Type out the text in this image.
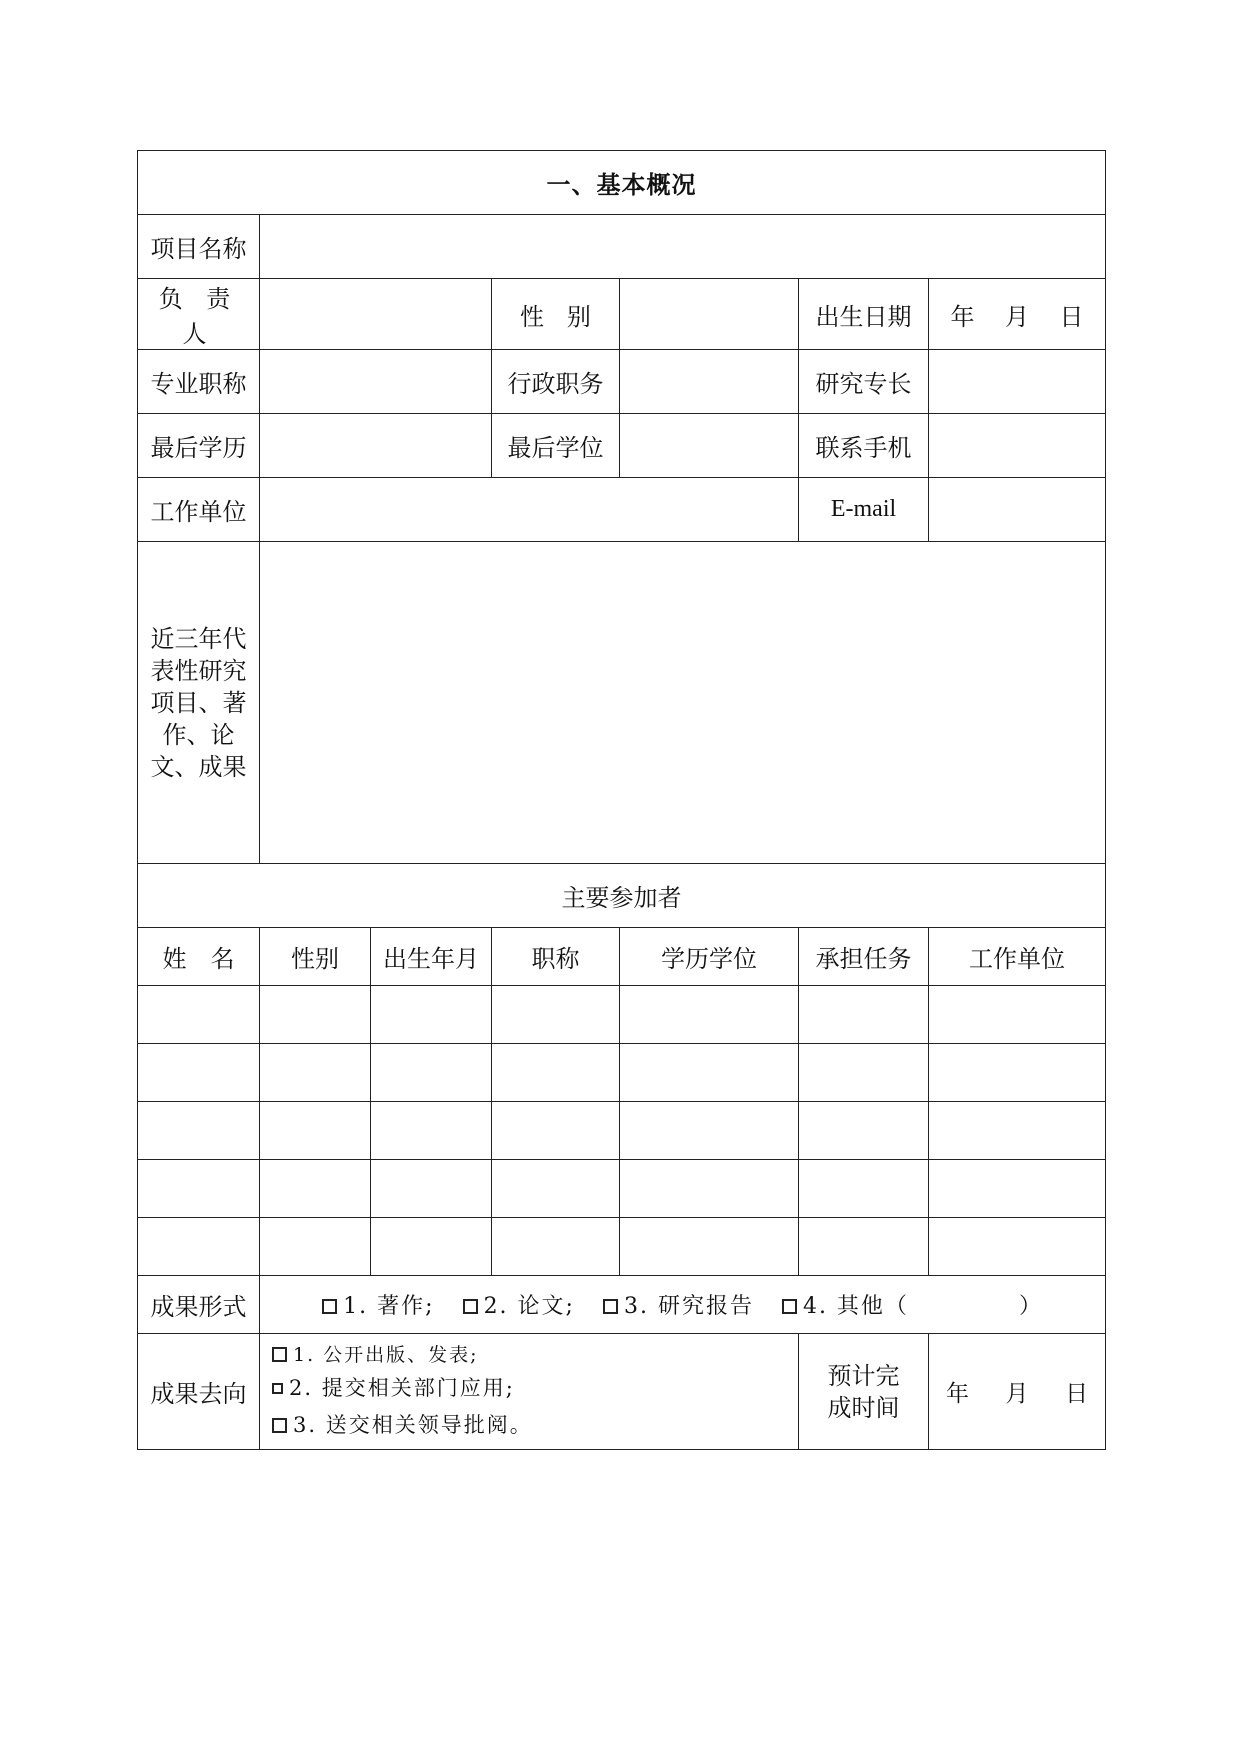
一、基本概况						
项目名称						
负 责 人			性   别		出生日期	年    月    日
专业职称			行政职务		研究专长	
最后学历			最后学位		联系手机	
工作单位					E-mail	

近三年代表性研究项目、著作、论文、成果						

主要参加者						
姓　名	性别	出生年月	职称	学历学位	承担任务	工作单位

成果形式	1. 著作; 2. 论文; 3. 研究报告 4. 其他（ ）					
成果去向	1. 公开出版、发表;
2. 提交相关部门应用;
3. 送交相关领导批阅。				预计完成时间	年     月     日
